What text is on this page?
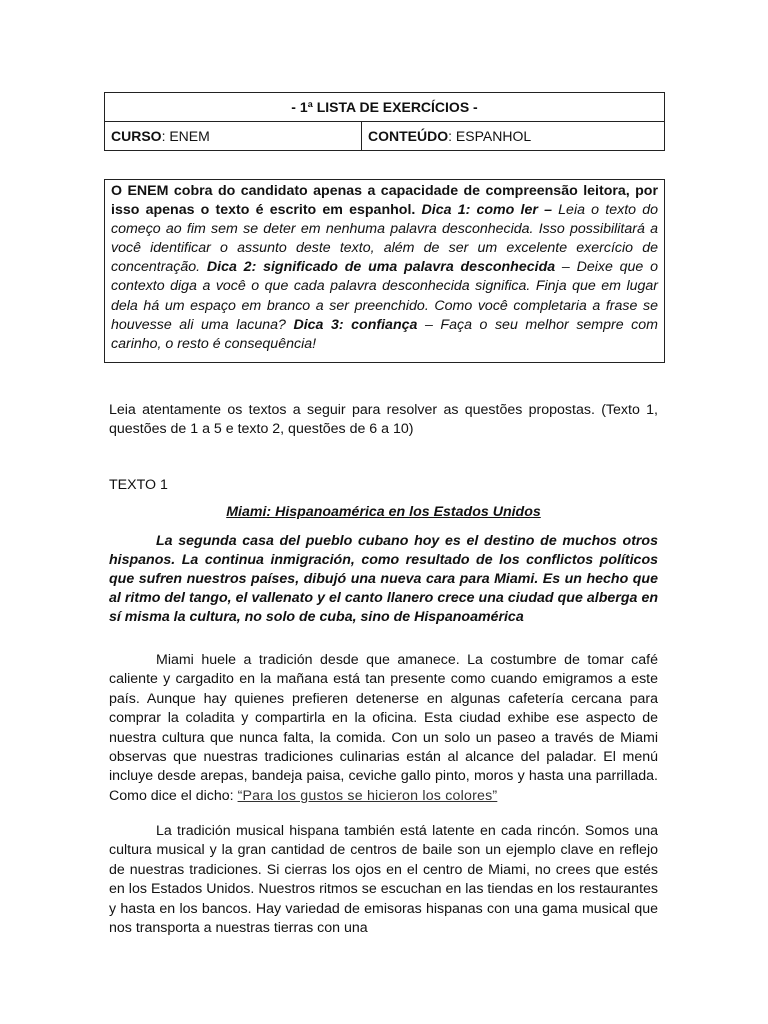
- 1ª LISTA DE EXERCÍCIOS -
CURSO: ENEM	CONTEÚDO: ESPANHOL
O ENEM cobra do candidato apenas a capacidade de compreensão leitora, por isso apenas o texto é escrito em espanhol. Dica 1: como ler – Leia o texto do começo ao fim sem se deter em nenhuma palavra desconhecida. Isso possibilitará a você identificar o assunto deste texto, além de ser um excelente exercício de concentração. Dica 2: significado de uma palavra desconhecida – Deixe que o contexto diga a você o que cada palavra desconhecida significa. Finja que em lugar dela há um espaço em branco a ser preenchido. Como você completaria a frase se houvesse ali uma lacuna? Dica 3: confiança – Faça o seu melhor sempre com carinho, o resto é consequência!

Leia atentamente os textos a seguir para resolver as questões propostas. (Texto 1, questões de 1 a 5 e texto 2, questões de 6 a 10)

TEXTO 1

Miami: Hispanoamérica en los Estados Unidos

La segunda casa del pueblo cubano hoy es el destino de muchos otros hispanos. La continua inmigración, como resultado de los conflictos políticos que sufren nuestros países, dibujó una nueva cara para Miami. Es un hecho que al ritmo del tango, el vallenato y el canto llanero crece una ciudad que alberga en sí misma la cultura, no solo de cuba, sino de Hispanoamérica

Miami huele a tradición desde que amanece. La costumbre de tomar café caliente y cargadito en la mañana está tan presente como cuando emigramos a este país. Aunque hay quienes prefieren detenerse en algunas cafetería cercana para comprar la coladita y compartirla en la oficina. Esta ciudad exhibe ese aspecto de nuestra cultura que nunca falta, la comida. Con un solo un paseo a través de Miami observas que nuestras tradiciones culinarias están al alcance del paladar. El menú incluye desde arepas, bandeja paisa, ceviche gallo pinto, moros y hasta una parrillada. Como dice el dicho: “Para los gustos se hicieron los colores”

La tradición musical hispana también está latente en cada rincón. Somos una cultura musical y la gran cantidad de centros de baile son un ejemplo clave en reflejo de nuestras tradiciones. Si cierras los ojos en el centro de Miami, no crees que estés en los Estados Unidos. Nuestros ritmos se escuchan en las tiendas en los restaurantes y hasta en los bancos. Hay variedad de emisoras hispanas con una gama musical que nos transporta a nuestras tierras con una
